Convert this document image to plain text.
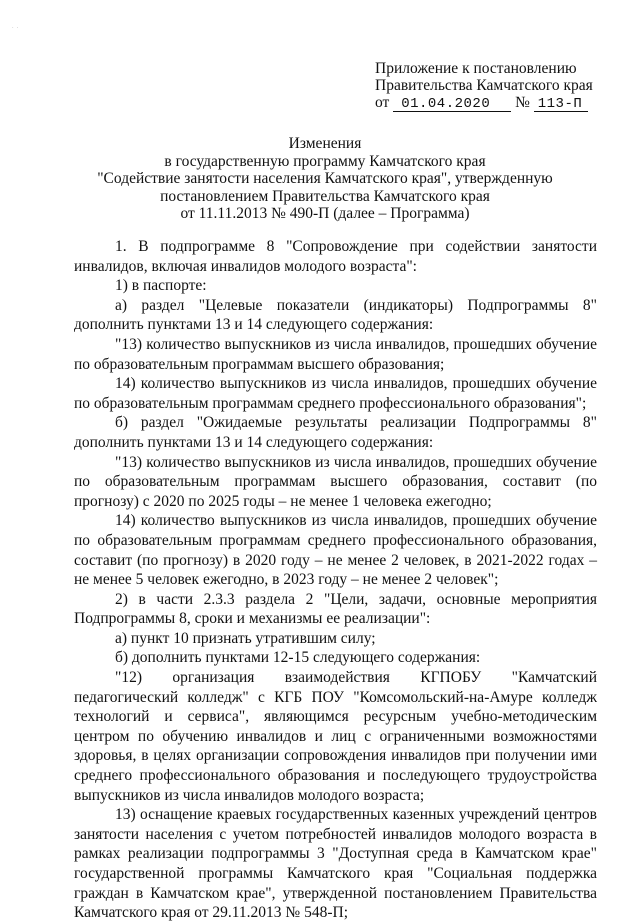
· ·
Приложение к постановлению
Правительства Камчатского края
от 01.04.2020 № 113-П
Изменения
в государственную программу Камчатского края
"Содействие занятости населения Камчатского края", утвержденную
постановлением Правительства Камчатского края
от 11.11.2013 № 490-П (далее – Программа)

1. В подпрограмме 8 "Сопровождение при содействии занятости инвалидов, включая инвалидов молодого возраста":

1) в паспорте:

а) раздел "Целевые показатели (индикаторы) Подпрограммы 8" дополнить пунктами 13 и 14 следующего содержания:

"13) количество выпускников из числа инвалидов, прошедших обучение по образовательным программам высшего образования;

14) количество выпускников из числа инвалидов, прошедших обучение по образовательным программам среднего профессионального образования";

б) раздел "Ожидаемые результаты реализации Подпрограммы 8" дополнить пунктами 13 и 14 следующего содержания:

"13) количество выпускников из числа инвалидов, прошедших обучение по образовательным программам высшего образования, составит (по прогнозу) с 2020 по 2025 годы – не менее 1 человека ежегодно;

14) количество выпускников из числа инвалидов, прошедших обучение по образовательным программам среднего профессионального образования, составит (по прогнозу) в 2020 году – не менее 2 человек, в 2021-2022 годах – не менее 5 человек ежегодно, в 2023 году – не менее 2 человек";

2) в части 2.3.3 раздела 2 "Цели, задачи, основные мероприятия Подпрограммы 8, сроки и механизмы ее реализации":

а) пункт 10 признать утратившим силу;

б) дополнить пунктами 12-15 следующего содержания:

"12) организация взаимодействия КГПОБУ "Камчатский педагогический колледж" с КГБ ПОУ "Комсомольский-на-Амуре колледж технологий и сервиса", являющимся ресурсным учебно-методическим центром по обучению инвалидов и лиц с ограниченными возможностями здоровья, в целях организации сопровождения инвалидов при получении ими среднего профессионального образования и последующего трудоустройства выпускников из числа инвалидов молодого возраста;

13) оснащение краевых государственных казенных учреждений центров занятости населения с учетом потребностей инвалидов молодого возраста в рамках реализации подпрограммы 3 "Доступная среда в Камчатском крае" государственной программы Камчатского края "Социальная поддержка граждан в Камчатском крае", утвержденной постановлением Правительства Камчатского края от 29.11.2013 № 548-П;
